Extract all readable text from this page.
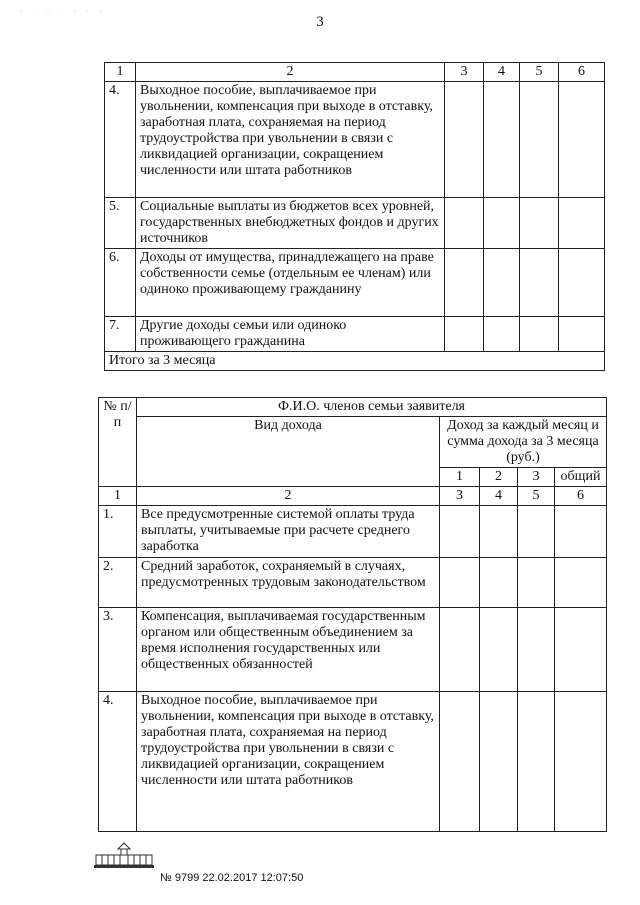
· · · · · · ·
3
1	2	3	4	5	6
4.	Выходное пособие, выплачиваемое при увольнении, компенсация при выходе в отставку, заработная плата, сохраняемая на период трудоустройства при увольнении в связи с ликвидацией организации, сокращением численности или штата работников				
5.	Социальные выплаты из бюджетов всех уровней, государственных внебюджетных фондов и других источников				
6.	Доходы от имущества, принадлежащего на праве собственности семье (отдельным ее членам) или одиноко проживающему гражданину				
7.	Другие доходы семьи или одиноко проживающего гражданина				
Итого за 3 месяца					
№ п/п	Ф.И.О. членов семьи заявителя				
	Вид дохода	Доход за каждый месяц и сумма дохода за 3 месяца (руб.)			
		1	2	3	общий

1	2	3	4	5	6
1.	Все предусмотренные системой оплаты труда выплаты, учитываемые при расчете среднего заработка				
2.	Средний заработок, сохраняемый в случаях, предусмотренных трудовым законодательством				
3.	Компенсация, выплачиваемая государственным органом или общественным объединением за время исполнения государственных или общественных обязанностей				
4.	Выходное пособие, выплачиваемое при увольнении, компенсация при выходе в отставку, заработная плата, сохраняемая на период трудоустройства при увольнении в связи с ликвидацией организации, сокращением численности или штата работников				
№ 9799 22.02.2017 12:07:50
